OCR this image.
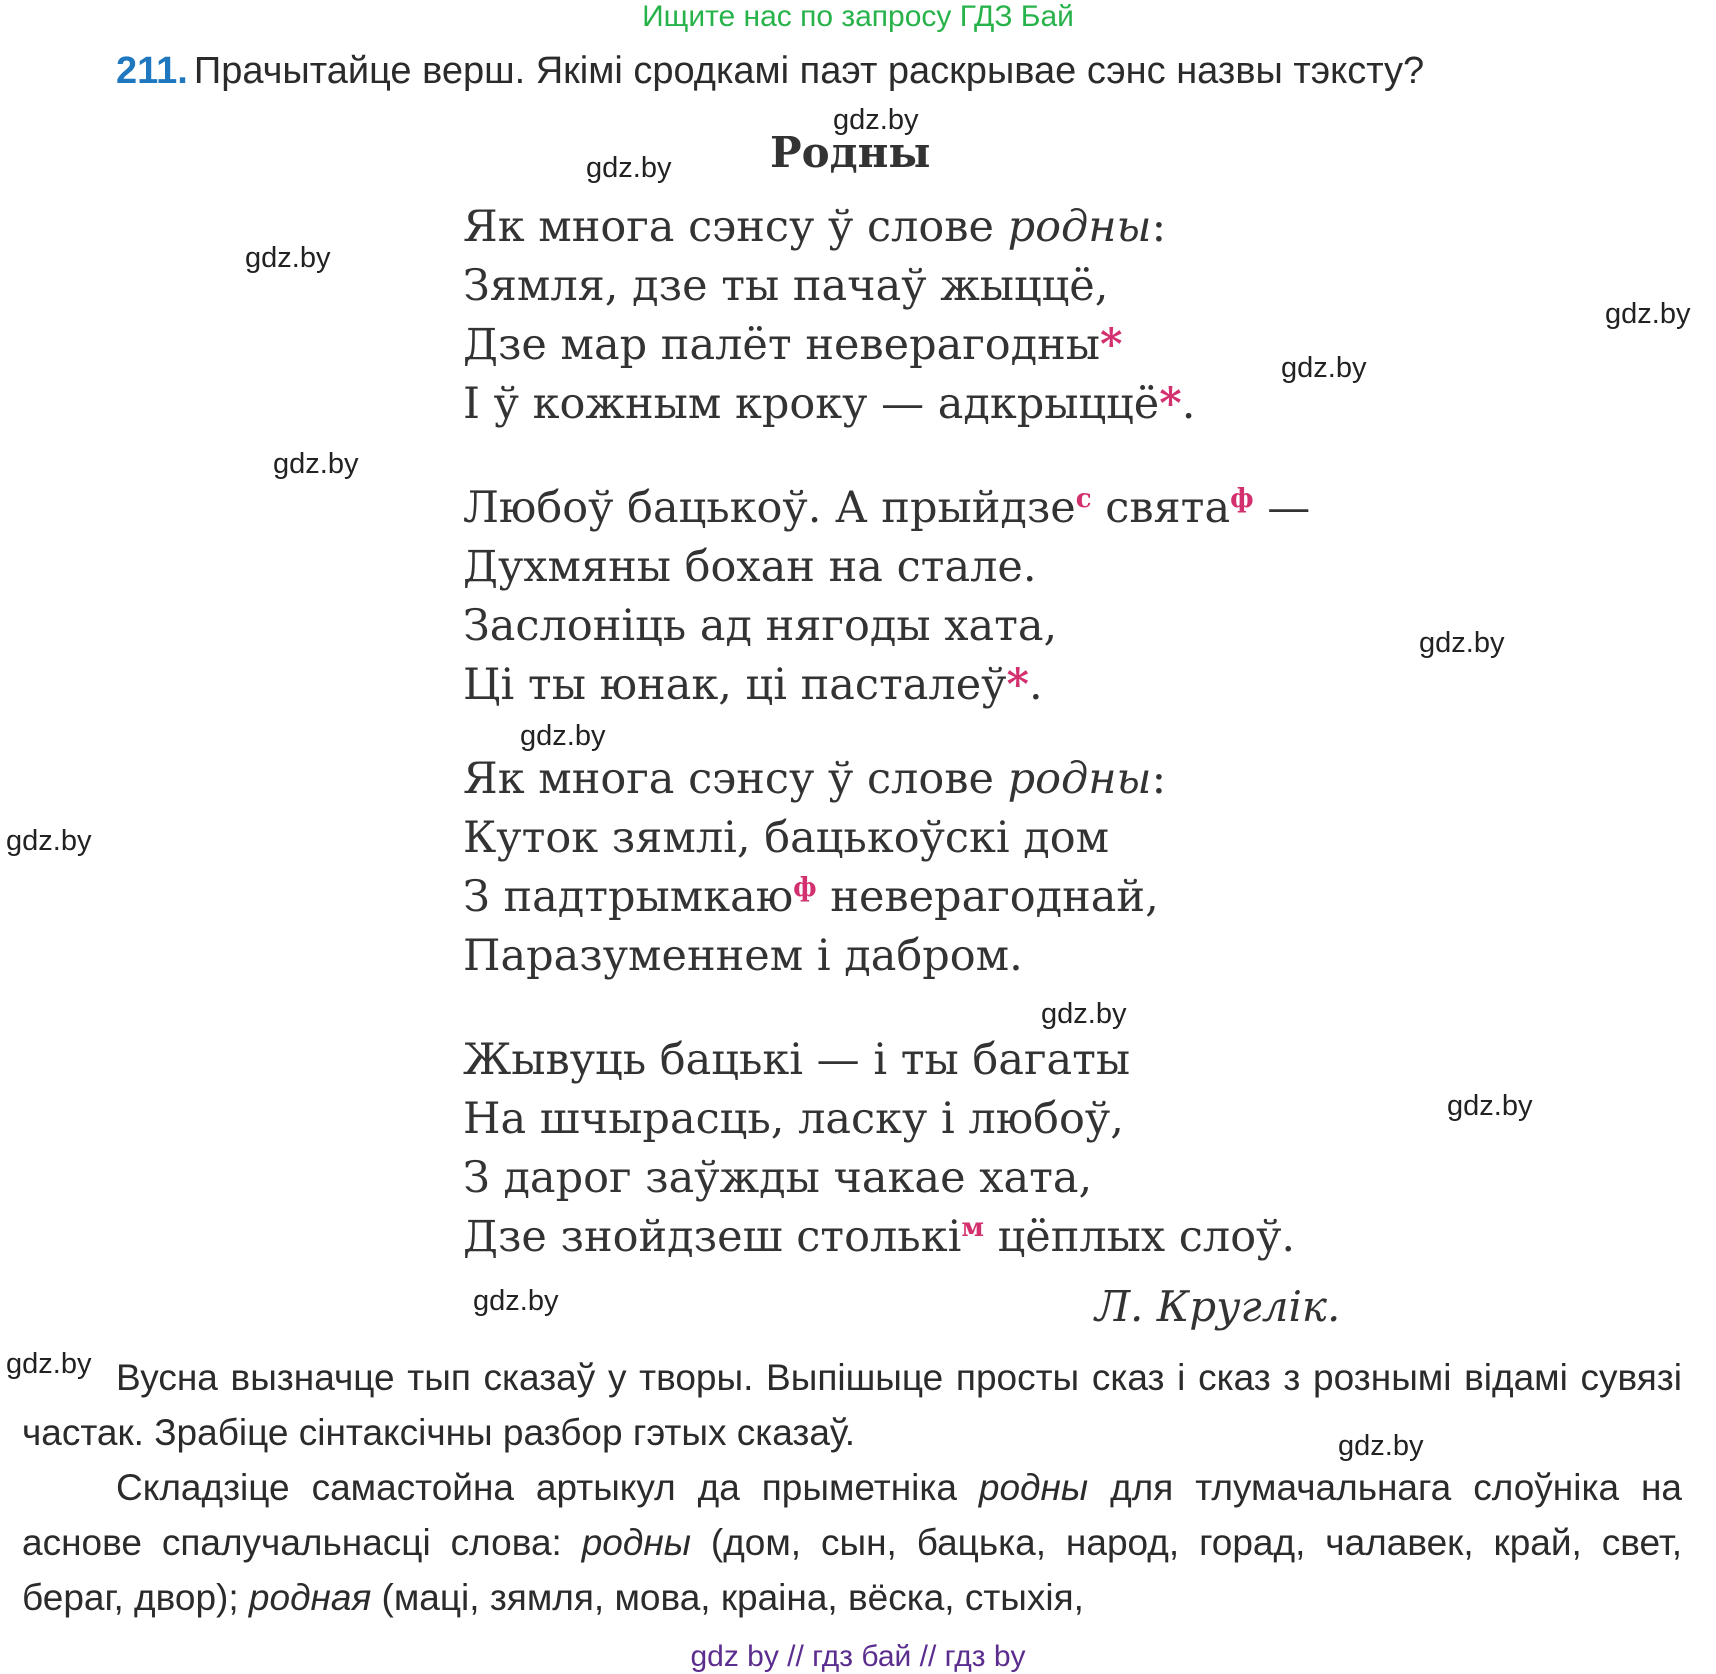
Ищите нас по запросу ГДЗ Бай
211. Прачытайце верш. Якімі сродкамі паэт раскрывае сэнс назвы тэксту?
Родны
Як многа сэнсу ў слове родны:
Зямля, дзе ты пачаў жыццё,
Дзе мар палёт неверагодны*
І ў кожным кроку — адкрыццё*.
Любоў бацькоў. А прыйдзе$^с$ свята$^ф$ —
Духмяны бохан на стале.
Заслоніць ад нягоды хата,
Ці ты юнак, ці пасталеў*.
Як многа сэнсу ў слове родны:
Куток зямлі, бацькоўскі дом
З падтрымкаю$^ф$ неверагоднай,
Паразуменнем і дабром.
Жывуць бацькі — і ты багаты
На шчырасць, ласку і любоў,
З дарог заўжды чакае хата,
Дзе знойдзеш столькі$^м$ цёплых слоў.
Л. Круглік.
Вусна вызначце тып сказаў у творы. Выпішыце просты сказ і сказ з рознымі відамі сувязі частак. Зрабіце сінтаксічны разбор гэтых сказаў.
Складзіце самастойна артыкул да прыметніка родны для тлумачальнага слоўніка на аснове спалучальнасці слова: родны (дом, сын, бацька, народ, горад, чалавек, край, свет, бераг, двор); родная (маці, зямля, мова, краіна, вёска, стыхія,
gdz.by
gdz.by
gdz.by
gdz.by
gdz.by
gdz.by
gdz.by
gdz.by
gdz.by
gdz.by
gdz.by
gdz.by
gdz.by
gdz.by
gdz by // гдз бай // гдз by
